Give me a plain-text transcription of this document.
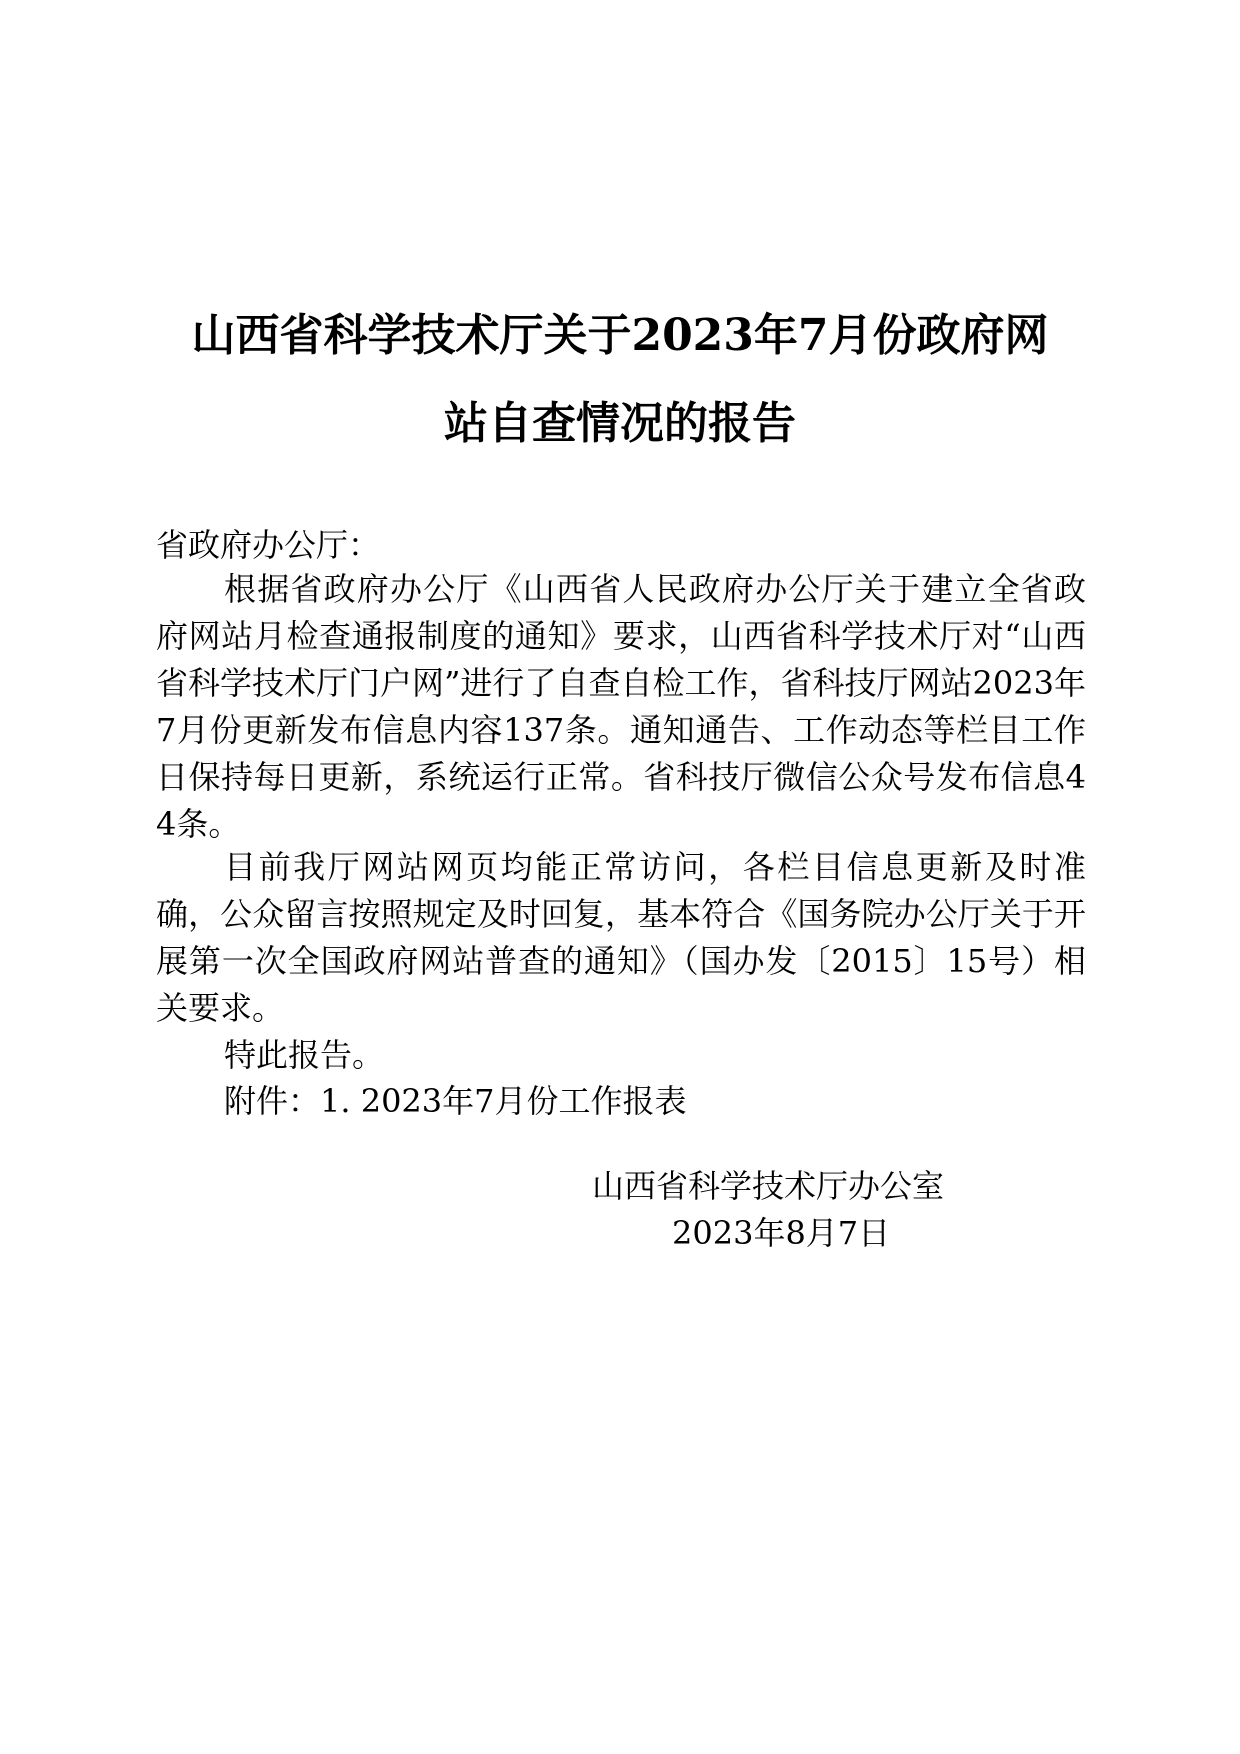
山西省科学技术厅关于2023年7月份政府网
站自查情况的报告
省政府办公厅：

根据省政府办公厅《山西省人民政府办公厅关于建立全省政府网站月检查通报制度的通知》要求，山西省科学技术厅对“山西省科学技术厅门户网”进行了自查自检工作，省科技厅网站2023年7月份更新发布信息内容137条。通知通告、工作动态等栏目工作日保持每日更新，系统运行正常。省科技厅微信公众号发布信息44条。

目前我厅网站网页均能正常访问，各栏目信息更新及时准确，公众留言按照规定及时回复，基本符合《国务院办公厅关于开展第一次全国政府网站普查的通知》（国办发〔2015〕15号）相关要求。

特此报告。
附件：1. 2023年7月份工作报表
山西省科学技术厅办公室
2023年8月7日
